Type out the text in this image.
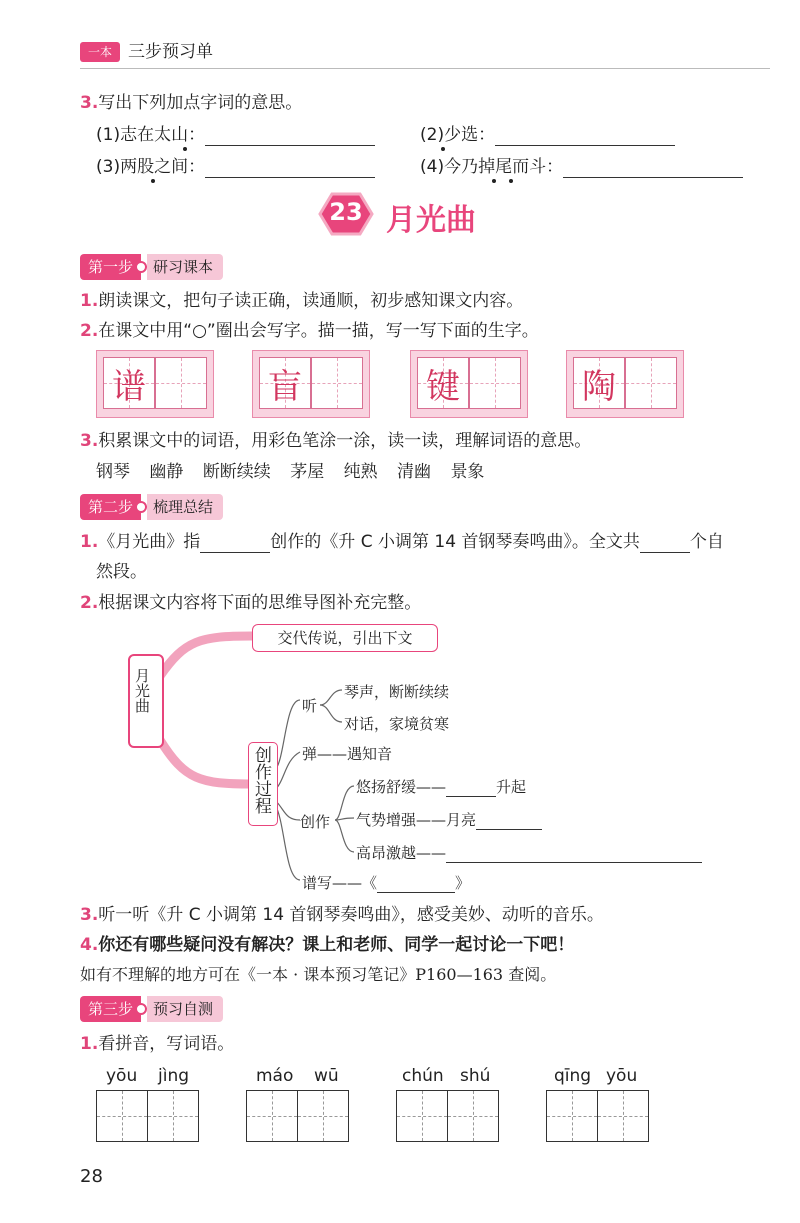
一本 三步预习单
3.写出下列加点字词的意思。
(1)志在太山：	(2)少选：
(3)两股之间：	(4)今乃掉尾而斗：
23 月光曲
第一步	研习课本
1.朗读课文，把句子读正确，读通顺，初步感知课文内容。
2.在课文中用“○”圈出会写字。描一描，写一写下面的生字。
谱	盲	键	陶
3.积累课文中的词语，用彩色笔涂一涂，读一读，理解词语的意思。
钢琴 幽静 断断续续 茅屋 纯熟 清幽 景象
第二步	梳理总结
1.《月光曲》指	创作的《升 C 小调第 14 首钢琴奏鸣曲》。全文共	个自
然段。
2.根据课文内容将下面的思维导图补充完整。
月光曲
交代传说，引出下文
创作过程
听
琴声，断断续续
对话，家境贫寒
弹——遇知音
创作
悠扬舒缓——	升起
气势增强——月亮
高昂激越——
谱写——《	》
3.听一听《升 C 小调第 14 首钢琴奏鸣曲》，感受美妙、动听的音乐。
4.你还有哪些疑问没有解决？课上和老师、同学一起讨论一下吧！
如有不理解的地方可在《一本 · 课本预习笔记》P160—163 查阅。
第三步	预习自测
1.看拼音，写词语。
yōu jìng	máo wū	chún shú	qīng yōu
28
